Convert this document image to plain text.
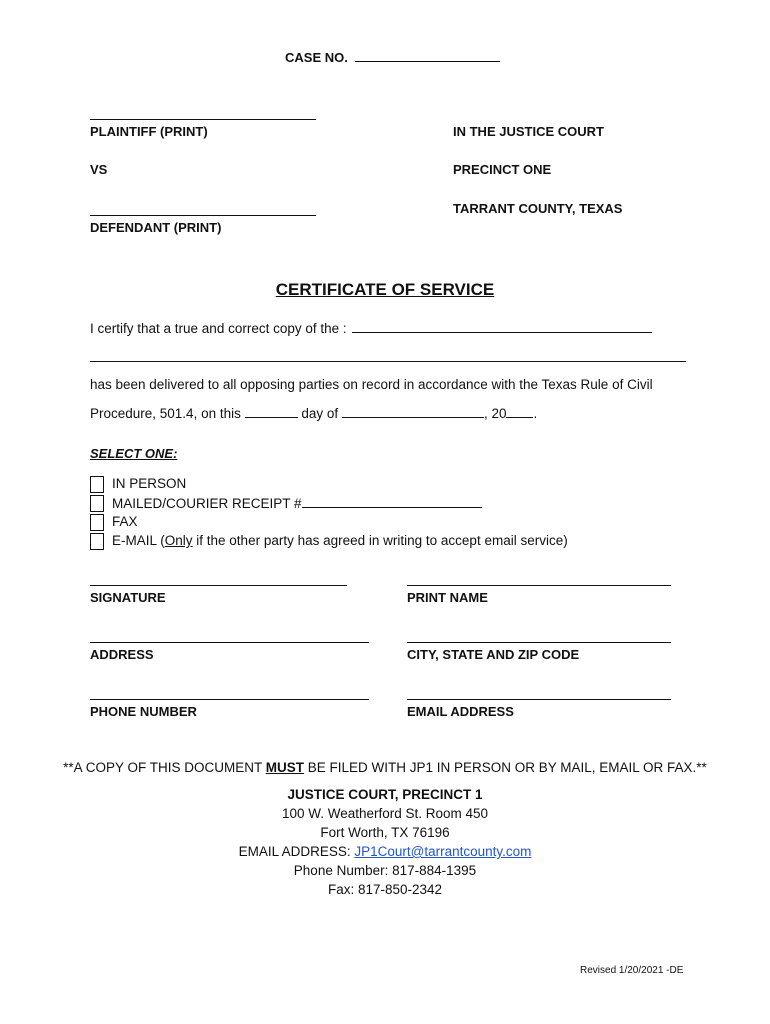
CASE NO.
PLAINTIFF (PRINT)
VS
DEFENDANT (PRINT)
IN THE JUSTICE COURT
PRECINCT ONE
TARRANT COUNTY, TEXAS
CERTIFICATE OF SERVICE
I certify that a true and correct copy of the :
has been delivered to all opposing parties on record in accordance with the Texas Rule of Civil
Procedure, 501.4, on this	day of	, 20 .
SELECT ONE:
IN PERSON
MAILED/COURIER RECEIPT #
FAX
E-MAIL (Only if the other party has agreed in writing to accept email service)
SIGNATURE	PRINT NAME
ADDRESS	CITY, STATE AND ZIP CODE
PHONE NUMBER	EMAIL ADDRESS
**A COPY OF THIS DOCUMENT MUST BE FILED WITH JP1 IN PERSON OR BY MAIL, EMAIL OR FAX.**
JUSTICE COURT, PRECINCT 1
100 W. Weatherford St. Room 450
Fort Worth, TX 76196
EMAIL ADDRESS: JP1Court@tarrantcounty.com
Phone Number: 817-884-1395
Fax: 817-850-2342
Revised 1/20/2021 -DE
